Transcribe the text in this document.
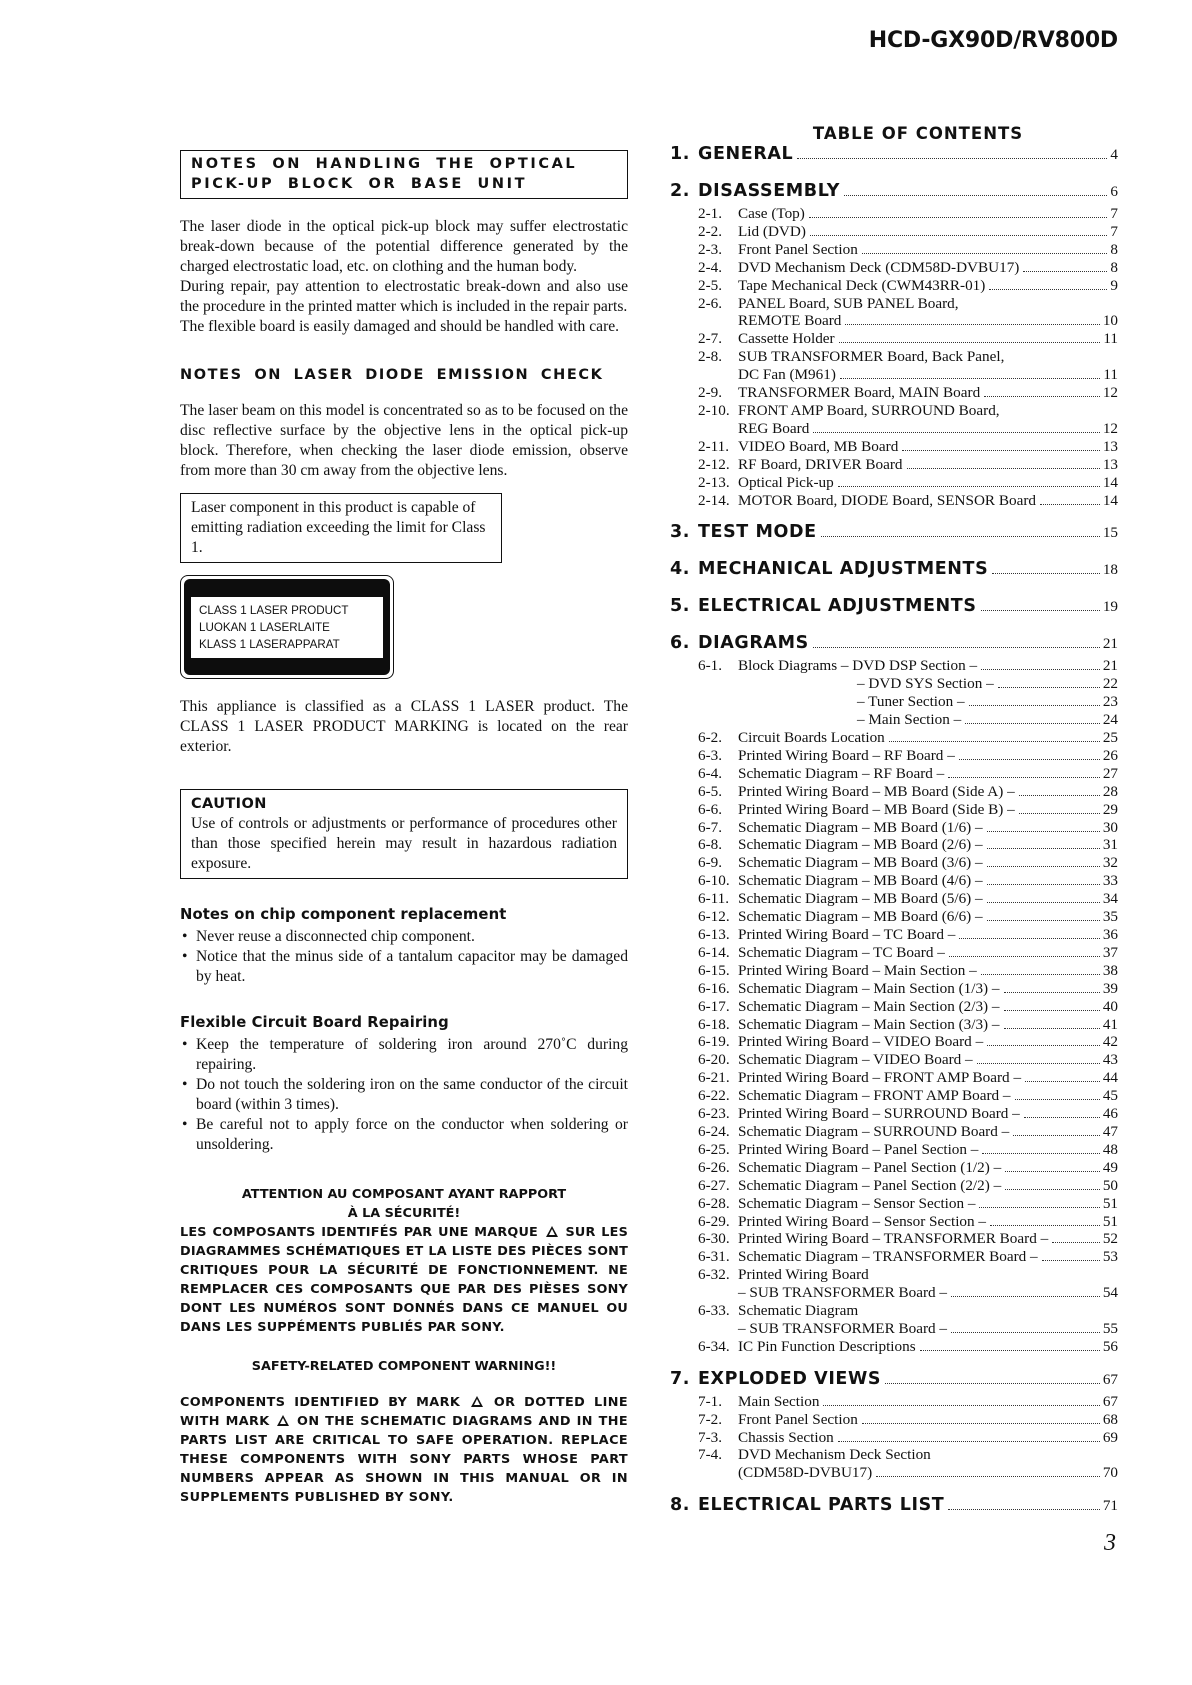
HCD-GX90D/RV800D
NOTES ON HANDLING THE OPTICAL PICK-UP BLOCK OR BASE UNIT

The laser diode in the optical pick-up block may suffer electrostatic break-down because of the potential difference generated by the charged electrostatic load, etc. on clothing and the human body.

During repair, pay attention to electrostatic break-down and also use the procedure in the printed matter which is included in the repair parts.

The flexible board is easily damaged and should be handled with care.

NOTES ON LASER DIODE EMISSION CHECK

The laser beam on this model is concentrated so as to be focused on the disc reflective surface by the objective lens in the optical pick-up block. Therefore, when checking the laser diode emission, observe from more than 30 cm away from the objective lens.

Laser component in this product is capable of emitting radiation exceeding the limit for Class 1.
CLASS 1 LASER PRODUCT
LUOKAN 1 LASERLAITE
KLASS 1 LASERAPPARAT

This appliance is classified as a CLASS 1 LASER product. The CLASS 1 LASER PRODUCT MARKING is located on the rear exterior.

CAUTION
Use of controls or adjustments or performance of procedures other than those specified herein may result in hazardous radiation exposure.
Notes on chip component replacement
• Never reuse a disconnected chip component.
• Notice that the minus side of a tantalum capacitor may be damaged by heat.
Flexible Circuit Board Repairing
• Keep the temperature of soldering iron around 270˚C during repairing.
• Do not touch the soldering iron on the same conductor of the circuit board (within 3 times).
• Be careful not to apply force on the conductor when soldering or unsoldering.
ATTENTION AU COMPOSANT AYANT RAPPORT
À LA SÉCURITÉ!
LES COMPOSANTS IDENTIFÉS PAR UNE MARQUE SUR LES DIAGRAMMES SCHÉMATIQUES ET LA LISTE DES PIÈCES SONT CRITIQUES POUR LA SÉCURITÉ DE FONCTIONNEMENT. NE REMPLACER CES COMPOSANTS QUE PAR DES PIÈSES SONY DONT LES NUMÉROS SONT DONNÉS DANS CE MANUEL OU DANS LES SUPPÉMENTS PUBLIÉS PAR SONY.
SAFETY-RELATED COMPONENT WARNING!!
COMPONENTS IDENTIFIED BY MARK	OR DOTTED LINE WITH MARK ON THE SCHEMATIC DIAGRAMS AND IN THE PARTS LIST ARE CRITICAL TO SAFE OPERATION. REPLACE THESE COMPONENTS WITH SONY PARTS WHOSE PART NUMBERS APPEAR AS SHOWN IN THIS MANUAL OR IN SUPPLEMENTS PUBLISHED BY SONY.
TABLE OF CONTENTS
1. GENERAL	4
2. DISASSEMBLY	6
2-1.	Case (Top)	7
2-2.	Lid (DVD)	7
2-3.	Front Panel Section	8
2-4.	DVD Mechanism Deck (CDM58D-DVBU17)	8
2-5.	Tape Mechanical Deck (CWM43RR-01)	9
2-6.	PANEL Board, SUB PANEL Board,
REMOTE Board	10
2-7.	Cassette Holder	11
2-8.	SUB TRANSFORMER Board, Back Panel,
DC Fan (M961)	11
2-9.	TRANSFORMER Board, MAIN Board	12
2-10. FRONT AMP Board, SURROUND Board,
REG Board	12
2-11. VIDEO Board, MB Board	13
2-12. RF Board, DRIVER Board	13
2-13. Optical Pick-up	14
2-14. MOTOR Board, DIODE Board, SENSOR Board	14
3. TEST MODE	15
4. MECHANICAL ADJUSTMENTS	18
5. ELECTRICAL ADJUSTMENTS	19
6. DIAGRAMS	21
6-1.	Block Diagrams – DVD DSP Section –	21
– DVD SYS Section –	22
– Tuner Section –	23
– Main Section –	24
6-2.	Circuit Boards Location	25
6-3.	Printed Wiring Board – RF Board –	26
6-4.	Schematic Diagram – RF Board –	27
6-5.	Printed Wiring Board – MB Board (Side A) –	28
6-6.	Printed Wiring Board – MB Board (Side B) –	29
6-7.	Schematic Diagram – MB Board (1/6) –	30
6-8.	Schematic Diagram – MB Board (2/6) –	31
6-9.	Schematic Diagram – MB Board (3/6) –	32
6-10. Schematic Diagram – MB Board (4/6) –	33
6-11. Schematic Diagram – MB Board (5/6) –	34
6-12. Schematic Diagram – MB Board (6/6) –	35
6-13. Printed Wiring Board – TC Board –	36
6-14. Schematic Diagram – TC Board –	37
6-15. Printed Wiring Board – Main Section –	38
6-16. Schematic Diagram – Main Section (1/3) –	39
6-17. Schematic Diagram – Main Section (2/3) –	40
6-18. Schematic Diagram – Main Section (3/3) –	41
6-19. Printed Wiring Board – VIDEO Board –	42
6-20. Schematic Diagram – VIDEO Board –	43
6-21. Printed Wiring Board – FRONT AMP Board –	44
6-22. Schematic Diagram – FRONT AMP Board –	45
6-23. Printed Wiring Board – SURROUND Board –	46
6-24. Schematic Diagram – SURROUND Board –	47
6-25. Printed Wiring Board – Panel Section –	48
6-26. Schematic Diagram – Panel Section (1/2) –	49
6-27. Schematic Diagram – Panel Section (2/2) –	50
6-28. Schematic Diagram – Sensor Section –	51
6-29. Printed Wiring Board – Sensor Section –	51
6-30. Printed Wiring Board – TRANSFORMER Board –	52
6-31. Schematic Diagram – TRANSFORMER Board –	53
6-32. Printed Wiring Board
– SUB TRANSFORMER Board –	54
6-33. Schematic Diagram
– SUB TRANSFORMER Board –	55
6-34. IC Pin Function Descriptions	56
7. EXPLODED VIEWS	67
7-1.	Main Section	67
7-2.	Front Panel Section	68
7-3.	Chassis Section	69
7-4.	DVD Mechanism Deck Section
(CDM58D-DVBU17)	70
8. ELECTRICAL PARTS LIST	71
3
